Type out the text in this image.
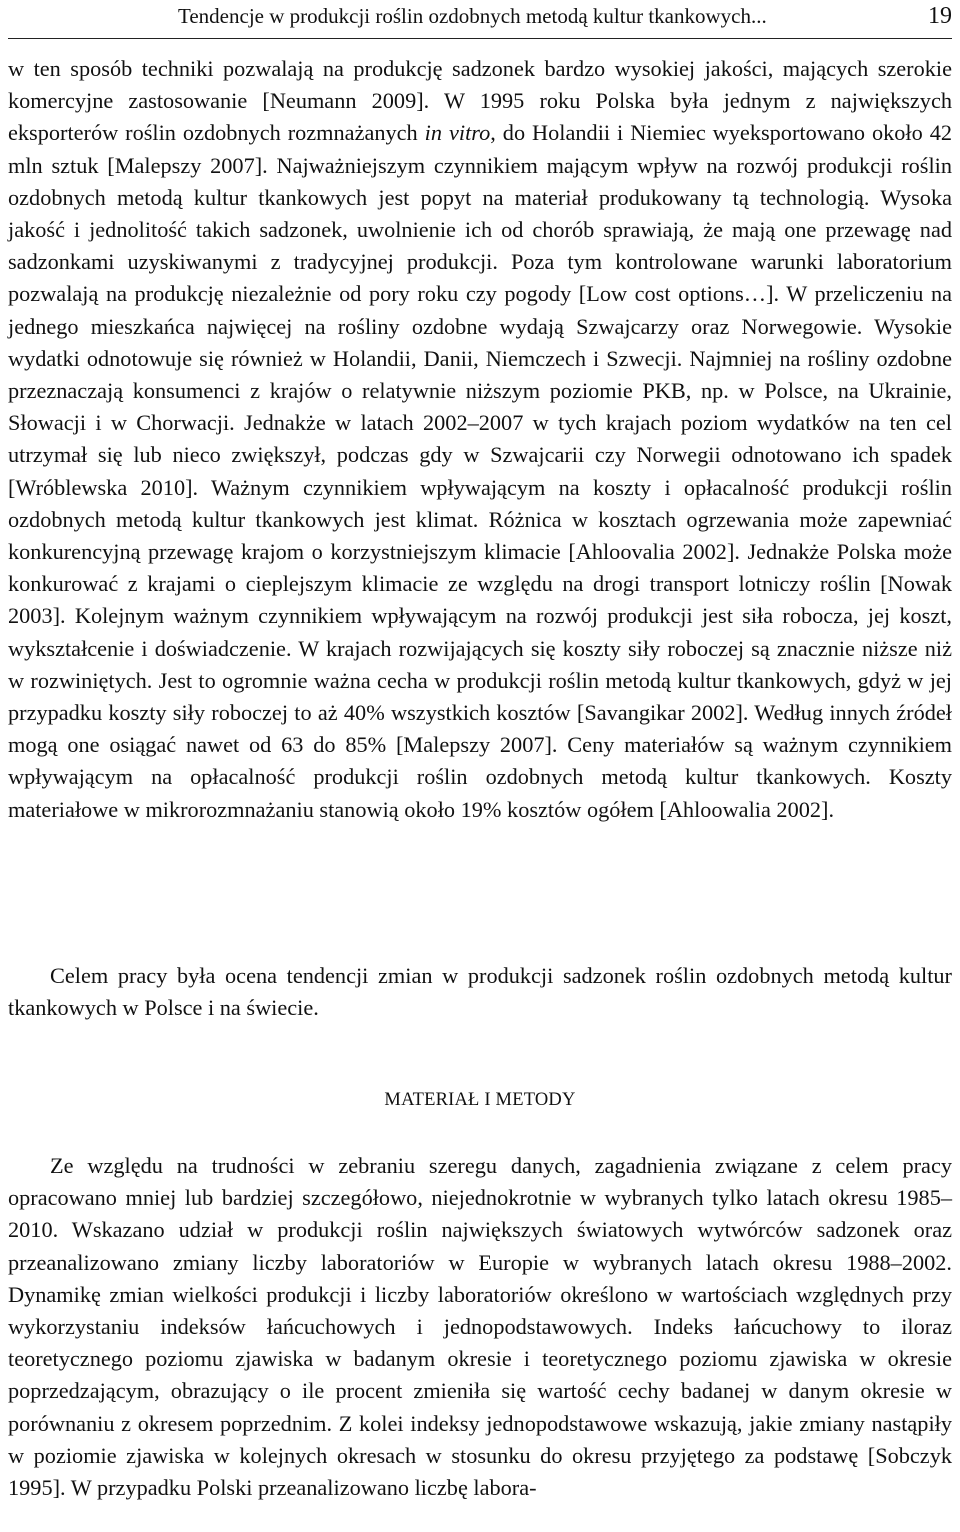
Tendencje w produkcji roślin ozdobnych metodą kultur tkankowych...	19

w ten sposób techniki pozwalają na produkcję sadzonek bardzo wysokiej jakości, mających szerokie komercyjne zastosowanie [Neumann 2009]. W 1995 roku Polska była jednym z największych eksporterów roślin ozdobnych rozmnażanych in vitro, do Holandii i Niemiec wyeksportowano około 42 mln sztuk [Malepszy 2007]. Najważniejszym czynnikiem mającym wpływ na rozwój produkcji roślin ozdobnych metodą kultur tkankowych jest popyt na materiał produkowany tą technologią. Wysoka jakość i jednolitość takich sadzonek, uwolnienie ich od chorób sprawiają, że mają one przewagę nad sadzonkami uzyskiwanymi z tradycyjnej produkcji. Poza tym kontrolowane warunki laboratorium pozwalają na produkcję niezależnie od pory roku czy pogody [Low cost options…]. W przeliczeniu na jednego mieszkańca najwięcej na rośliny ozdobne wydają Szwajcarzy oraz Norwegowie. Wysokie wydatki odnotowuje się również w Holandii, Danii, Niemczech i Szwecji. Najmniej na rośliny ozdobne przeznaczają konsumenci z krajów o relatywnie niższym poziomie PKB, np. w Polsce, na Ukrainie, Słowacji i w Chorwacji. Jednakże w latach 2002–2007 w tych krajach poziom wydatków na ten cel utrzymał się lub nieco zwiększył, podczas gdy w Szwajcarii czy Norwegii odnotowano ich spadek [Wróblewska 2010]. Ważnym czynnikiem wpływającym na koszty i opłacalność produkcji roślin ozdobnych metodą kultur tkankowych jest klimat. Różnica w kosztach ogrzewania może zapewniać konkurencyjną przewagę krajom o korzystniejszym klimacie [Ahloovalia 2002]. Jednakże Polska może konkurować z krajami o cieplejszym klimacie ze względu na drogi transport lotniczy roślin [Nowak 2003]. Kolejnym ważnym czynnikiem wpływającym na rozwój produkcji jest siła robocza, jej koszt, wykształcenie i doświadczenie. W krajach rozwijających się koszty siły roboczej są znacznie niższe niż w rozwiniętych. Jest to ogromnie ważna cecha w produkcji roślin metodą kultur tkankowych, gdyż w jej przypadku koszty siły roboczej to aż 40% wszystkich kosztów [Savangikar 2002]. Według innych źródeł mogą one osiągać nawet od 63 do 85% [Malepszy 2007]. Ceny materiałów są ważnym czynnikiem wpływającym na opłacalność produkcji roślin ozdobnych metodą kultur tkankowych. Koszty materiałowe w mikrorozmnażaniu stanowią około 19% kosztów ogółem [Ahloowalia 2002].

Celem pracy była ocena tendencji zmian w produkcji sadzonek roślin ozdobnych metodą kultur tkankowych w Polsce i na świecie.

MATERIAŁ I METODY

Ze względu na trudności w zebraniu szeregu danych, zagadnienia związane z celem pracy opracowano mniej lub bardziej szczegółowo, niejednokrotnie w wybranych tylko latach okresu 1985–2010. Wskazano udział w produkcji roślin największych światowych wytwórców sadzonek oraz przeanalizowano zmiany liczby laboratoriów w Europie w wybranych latach okresu 1988–2002. Dynamikę zmian wielkości produkcji i liczby laboratoriów określono w wartościach względnych przy wykorzystaniu indeksów łańcuchowych i jednopodstawowych. Indeks łańcuchowy to iloraz teoretycznego poziomu zjawiska w badanym okresie i teoretycznego poziomu zjawiska w okresie poprzedzającym, obrazujący o ile procent zmieniła się wartość cechy badanej w danym okresie w porównaniu z okresem poprzednim. Z kolei indeksy jednopodstawowe wskazują, jakie zmiany nastąpiły w poziomie zjawiska w kolejnych okresach w stosunku do okresu przyjętego za podstawę [Sobczyk 1995]. W przypadku Polski przeanalizowano liczbę labora-
